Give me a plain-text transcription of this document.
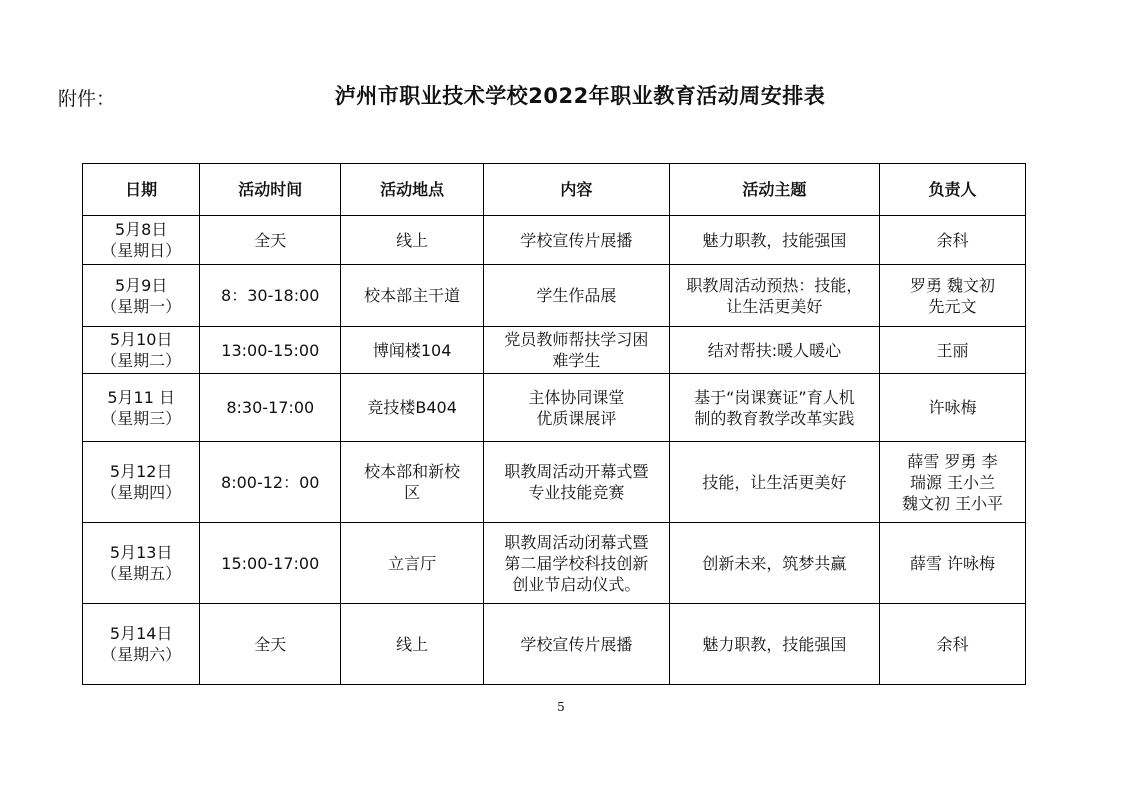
附件：	泸州市职业技术学校2022年职业教育活动周安排表
日期	活动时间	活动地点	内容	活动主题	负责人

5月8日
（星期日）	全天	线上	学校宣传片展播	魅力职教，技能强国	余科

5月9日
（星期一）	8：30-18:00	校本部主干道	学生作品展	职教周活动预热：技能，
让生活更美好	罗勇 魏文初
先元文

5月10日
（星期二）	13:00-15:00	博闻楼104	党员教师帮扶学习困
难学生	结对帮扶:暖人暖心	王丽

5月11 日
（星期三）	8:30-17:00	竞技楼B404	主体协同课堂
优质课展评	基于“岗课赛证”育人机
制的教育教学改革实践	许咏梅

5月12日
（星期四）	8:00-12：00	校本部和新校
区	职教周活动开幕式暨
专业技能竞赛	技能，让生活更美好	薛雪 罗勇 李
瑞源 王小兰
魏文初 王小平

5月13日
（星期五）	15:00-17:00	立言厅	职教周活动闭幕式暨
第二届学校科技创新
创业节启动仪式。	创新未来，筑梦共赢	薛雪 许咏梅

5月14日
（星期六）	全天	线上	学校宣传片展播	魅力职教，技能强国	余科
5
